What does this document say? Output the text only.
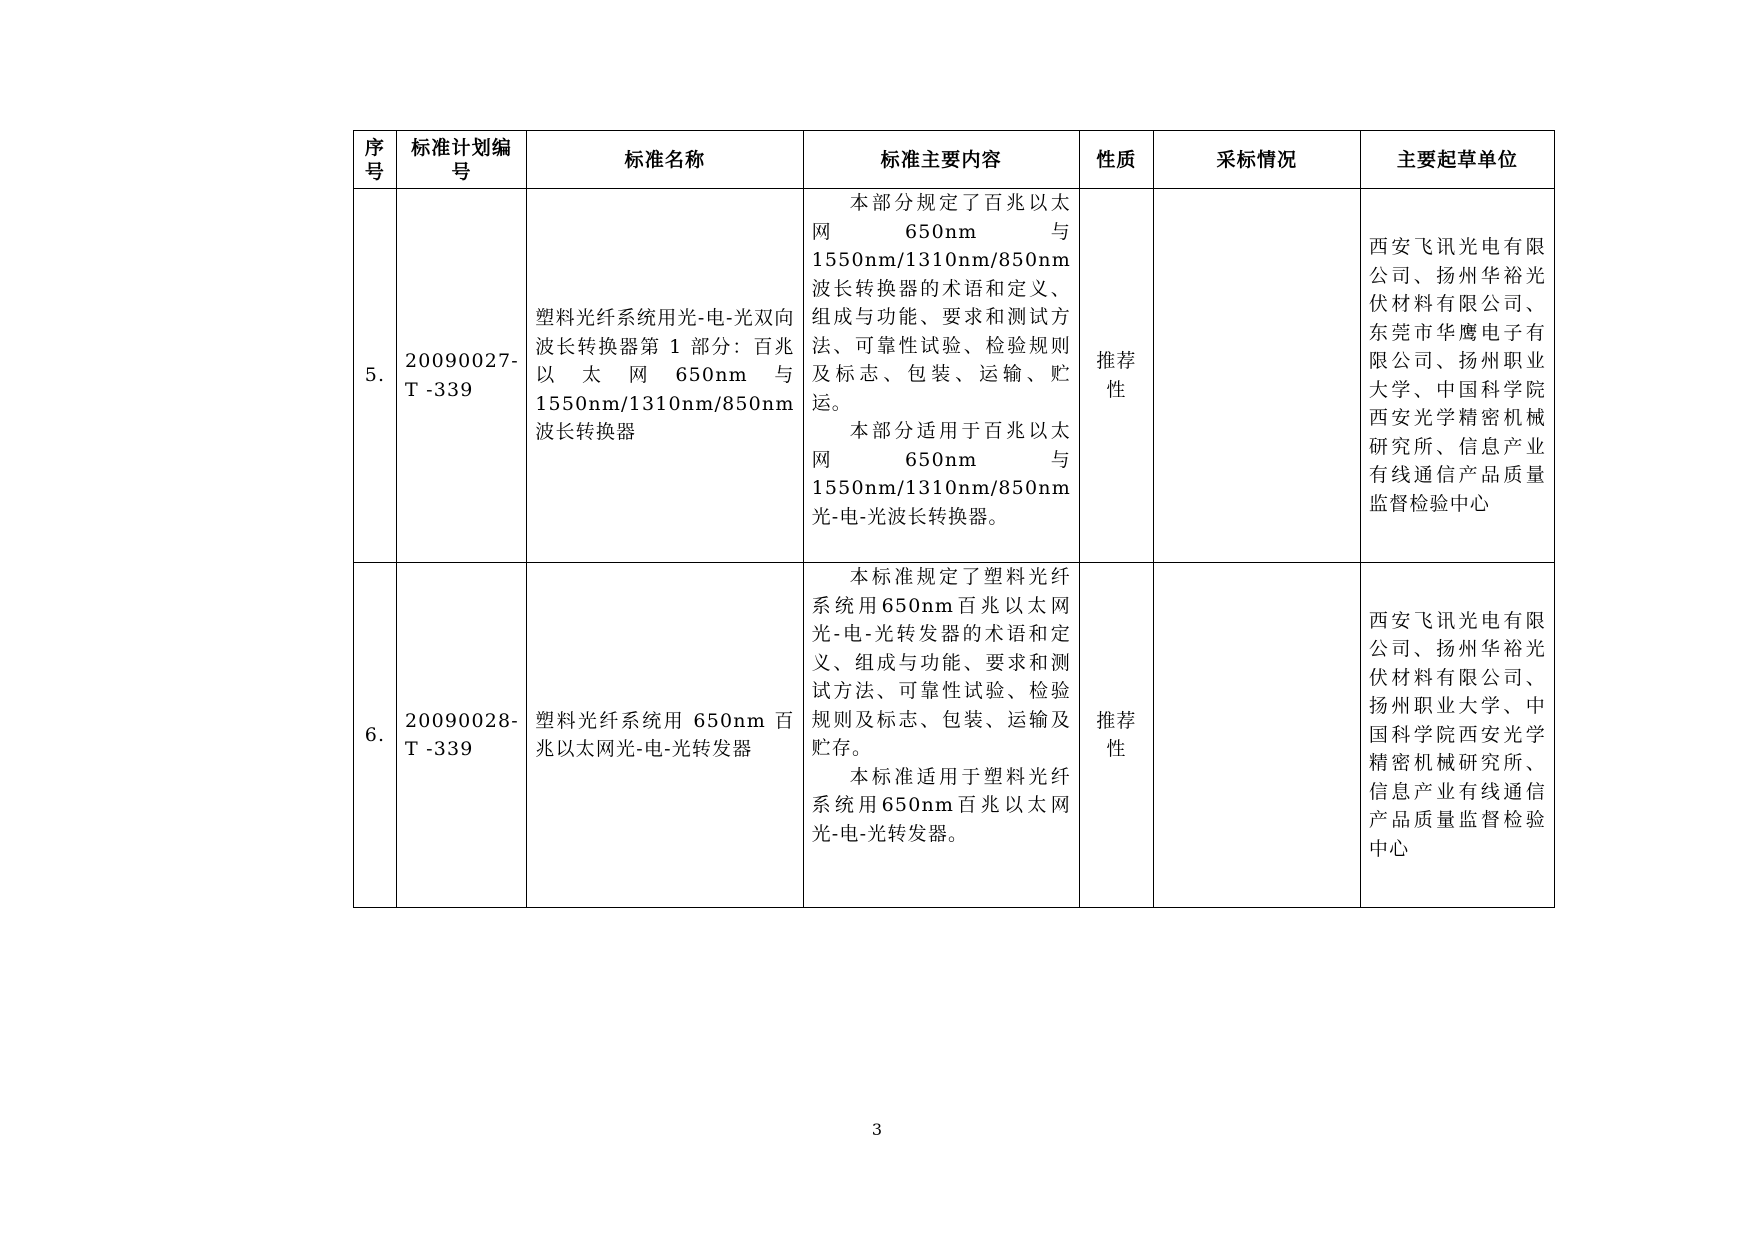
序号	标准计划编号	标准名称	标准主要内容	性质	采标情况	主要起草单位
5.	20090027-T -339	塑料光纤系统用光-电-光双向波长转换器第 1 部分：百兆以太网650nm与1550nm/1310nm/850nm 波长转换器	本部分规定了百兆以太网650nm与1550nm/1310nm/850nm波长转换器的术语和定义、组成与功能、要求和测试方法、可靠性试验、检验规则及标志、包装、运输、贮运。
本部分适用于百兆以太网650nm与1550nm/1310nm/850nm光-电-光波长转换器。	推荐性		西安飞讯光电有限公司、扬州华裕光伏材料有限公司、东莞市华鹰电子有限公司、扬州职业大学、中国科学院西安光学精密机械研究所、信息产业有线通信产品质量监督检验中心
6.	20090028-T -339	塑料光纤系统用 650nm 百兆以太网光-电-光转发器	本标准规定了塑料光纤系统用650nm百兆以太网光-电-光转发器的术语和定义、组成与功能、要求和测试方法、可靠性试验、检验规则及标志、包装、运输及贮存。
本标准适用于塑料光纤系统用650nm百兆以太网光-电-光转发器。	推荐性		西安飞讯光电有限公司、扬州华裕光伏材料有限公司、扬州职业大学、中国科学院西安光学精密机械研究所、信息产业有线通信产品质量监督检验中心
3
